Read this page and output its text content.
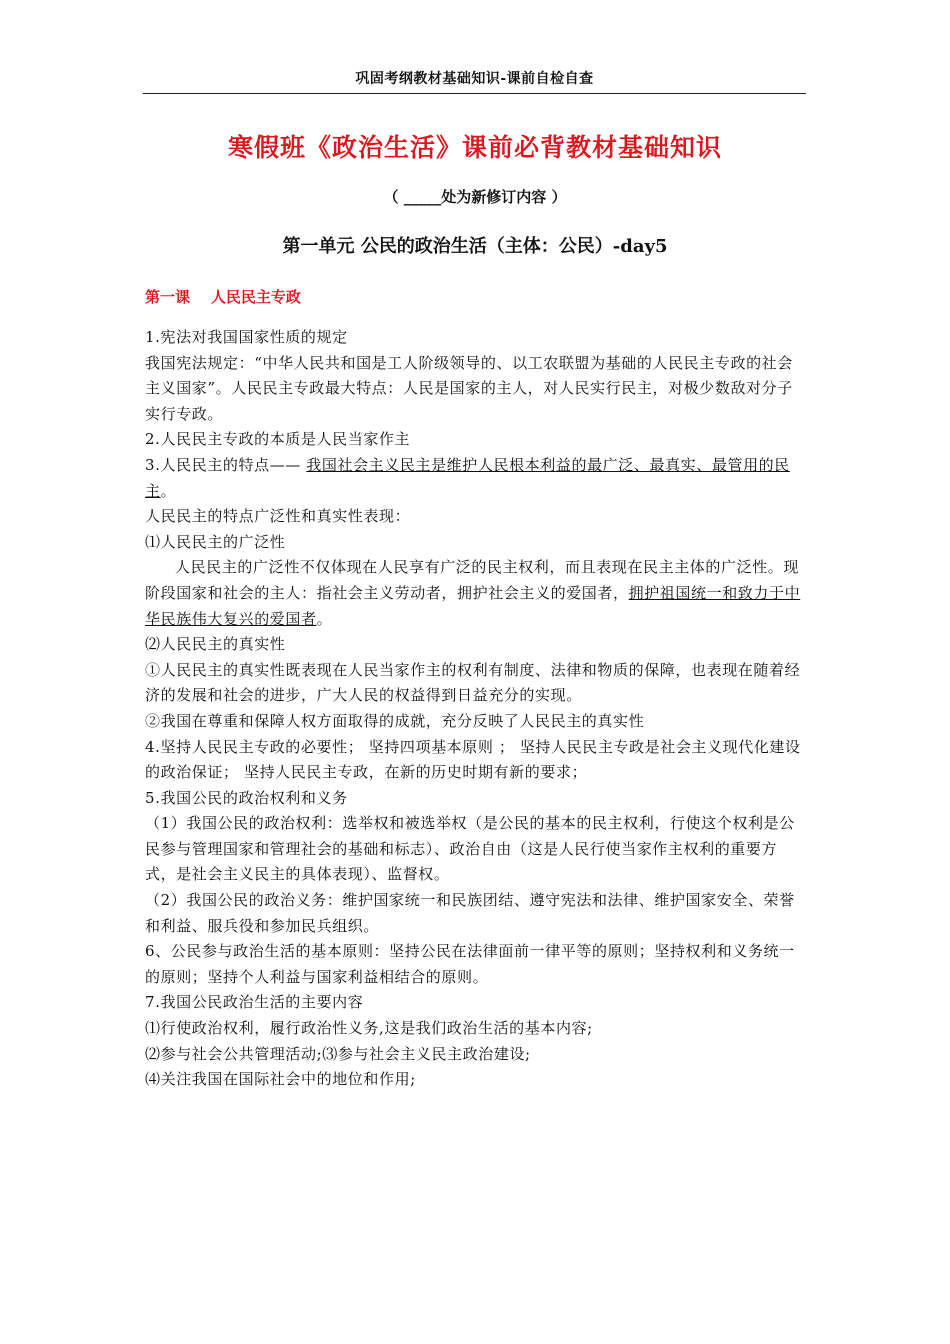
巩固考纲教材基础知识-课前自检自查
寒假班《政治生活》课前必背教材基础知识
（ _____处为新修订内容 ）
第一单元 公民的政治生活（主体：公民）-day5
第一课    人民民主专政

1.宪法对我国国家性质的规定

我国宪法规定：“中华人民共和国是工人阶级领导的、以工农联盟为基础的人民民主专政的社会主义国家”。人民民主专政最大特点：人民是国家的主人，对人民实行民主，对极少数敌对分子实行专政。

2.人民民主专政的本质是人民当家作主

3.人民民主的特点—— 我国社会主义民主是维护人民根本利益的最广泛、最真实、最管用的民主。

人民民主的特点广泛性和真实性表现：

⑴人民民主的广泛性

人民民主的广泛性不仅体现在人民享有广泛的民主权利，而且表现在民主主体的广泛性。现阶段国家和社会的主人：指社会主义劳动者，拥护社会主义的爱国者，拥护祖国统一和致力于中华民族伟大复兴的爱国者。

⑵人民民主的真实性

①人民民主的真实性既表现在人民当家作主的权利有制度、法律和物质的保障，也表现在随着经济的发展和社会的进步，广大人民的权益得到日益充分的实现。

②我国在尊重和保障人权方面取得的成就，充分反映了人民民主的真实性

4.坚持人民民主专政的必要性； 坚持四项基本原则 ； 坚持人民民主专政是社会主义现代化建设的政治保证； 坚持人民民主专政，在新的历史时期有新的要求；

5.我国公民的政治权利和义务

（1）我国公民的政治权利：选举权和被选举权（是公民的基本的民主权利，行使这个权利是公民参与管理国家和管理社会的基础和标志）、政治自由（这是人民行使当家作主权利的重要方式，是社会主义民主的具体表现）、监督权。

（2）我国公民的政治义务：维护国家统一和民族团结、遵守宪法和法律、维护国家安全、荣誉和利益、服兵役和参加民兵组织。

6、公民参与政治生活的基本原则：坚持公民在法律面前一律平等的原则；坚持权利和义务统一的原则；坚持个人利益与国家利益相结合的原则。

7.我国公民政治生活的主要内容

⑴行使政治权利，履行政治性义务,这是我们政治生活的基本内容;

⑵参与社会公共管理活动;⑶参与社会主义民主政治建设;

⑷关注我国在国际社会中的地位和作用;
